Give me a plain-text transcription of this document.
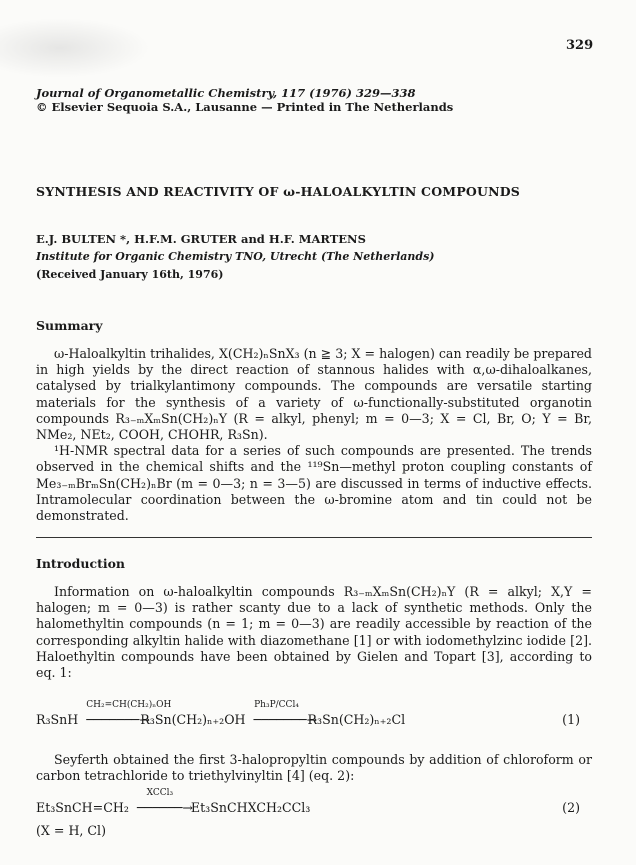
329
Journal of Organometallic Chemistry, 117 (1976) 329—338
© Elsevier Sequoia S.A., Lausanne — Printed in The Netherlands
SYNTHESIS AND REACTIVITY OF ω-HALOALKYLTIN COMPOUNDS
E.J. BULTEN *, H.F.M. GRUTER and H.F. MARTENS
Institute for Organic Chemistry TNO, Utrecht (The Netherlands)
(Received January 16th, 1976)
Summary

ω-Haloalkyltin trihalides, X(CH₂)ₙSnX₃ (n ≧ 3; X = halogen) can readily be prepared in high yields by the direct reaction of stannous halides with α,ω-dihaloalkanes, catalysed by trialkylantimony compounds. The compounds are versatile starting materials for the synthesis of a variety of ω-functionally-substituted organotin compounds R₃₋ₘXₘSn(CH₂)ₙY (R = alkyl, phenyl; m = 0—3; X = Cl, Br, O; Y = Br, NMe₂, NEt₂, COOH, CHOHR, R₃Sn).

¹H-NMR spectral data for a series of such compounds are presented. The trends observed in the chemical shifts and the ¹¹⁹Sn—methyl proton coupling constants of Me₃₋ₘBrₘSn(CH₂)ₙBr (m = 0—3; n = 3—5) are discussed in terms of inductive effects. Intramolecular coordination between the ω-bromine atom and tin could not be demonstrated.

Introduction

Information on ω-haloalkyltin compounds R₃₋ₘXₘSn(CH₂)ₙY (R = alkyl; X,Y = halogen; m = 0—3) is rather scanty due to a lack of synthetic methods. Only the halomethyltin compounds (n = 1; m = 0—3) are readily accessible by reaction of the corresponding alkyltin halide with diazomethane [1] or with iodomethylzinc iodide [2]. Haloethyltin compounds have been obtained by Gielen and Topart [3], according to eq. 1:

R₃SnH
CH₂=CH(CH₂)ₙOH
───────→ R₃Sn(CH₂)ₙ₊₂OH
Ph₃P/CCl₄
───────→ R₃Sn(CH₂)ₙ₊₂Cl	(1)

Seyferth obtained the first 3-halopropyltin compounds by addition of chloroform or carbon tetrachloride to triethylvinyltin [4] (eq. 2):

Et₃SnCH=CH₂
XCCl₃
──────→ Et₃SnCHXCH₂CCl₃	(2)
(X = H, Cl)
